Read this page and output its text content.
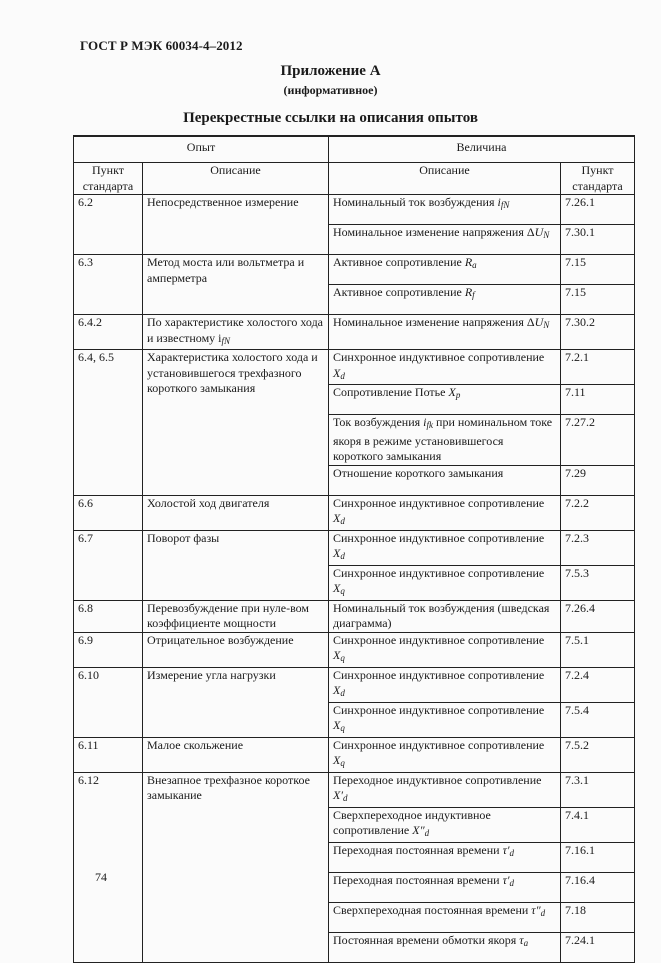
ГОСТ Р МЭК 60034-4–2012
Приложение А
(информативное)
Перекрестные ссылки на описания опытов
Опыт		Величина	
Пункт стандарта	Описание	Описание	Пункт стандарта
6.2	Непосредственное измерение	Номинальный ток возбуждения $i_{fN}$	7.26.1
		Номинальное изменение напряжения $\Delta U_N$	7.30.1
6.3	Метод моста или вольтметра и амперметра	Активное сопротивление $R_a$	7.15
		Активное сопротивление $R_f$	7.15
6.4.2	По характеристике холостого хода и известному $i_{fN}$	Номинальное изменение напряжения $\Delta U_N$	7.30.2
6.4, 6.5	Характеристика холостого хода и установившегося трехфазного короткого замыкания	Синхронное индуктивное сопротивление $X_d$	7.2.1
		Сопротивление Потье $X_p$	7.11
		Ток возбуждения $i_{fk}$ при номинальном токе якоря в режиме установившегося короткого замыкания	7.27.2
		Отношение короткого замыкания	7.29
6.6	Холостой ход двигателя	Синхронное индуктивное сопротивление $X_d$	7.2.2
6.7	Поворот фазы	Синхронное индуктивное сопротивление $X_d$	7.2.3
		Синхронное индуктивное сопротивление $X_q$	7.5.3
6.8	Перевозбуждение при нуле-вом коэффициенте мощности	Номинальный ток возбуждения (шведская диаграмма)	7.26.4
6.9	Отрицательное возбуждение	Синхронное индуктивное сопротивление $X_q$	7.5.1
6.10	Измерение угла нагрузки	Синхронное индуктивное сопротивление $X_d$	7.2.4
		Синхронное индуктивное сопротивление $X_q$	7.5.4
6.11	Малое скольжение	Синхронное индуктивное сопротивление $X_q$	7.5.2
6.12	Внезапное трехфазное короткое замыкание	Переходное индуктивное сопротивление $X'_d$	7.3.1
		Сверхпереходное индуктивное сопротивление $X''_d$	7.4.1
		Переходная постоянная времени $\tau'_d$	7.16.1
		Переходная постоянная времени $\tau'_d$	7.16.4
		Сверхпереходная постоянная времени $\tau''_d$	7.18
		Постоянная времени обмотки якоря $\tau_a$	7.24.1
74
